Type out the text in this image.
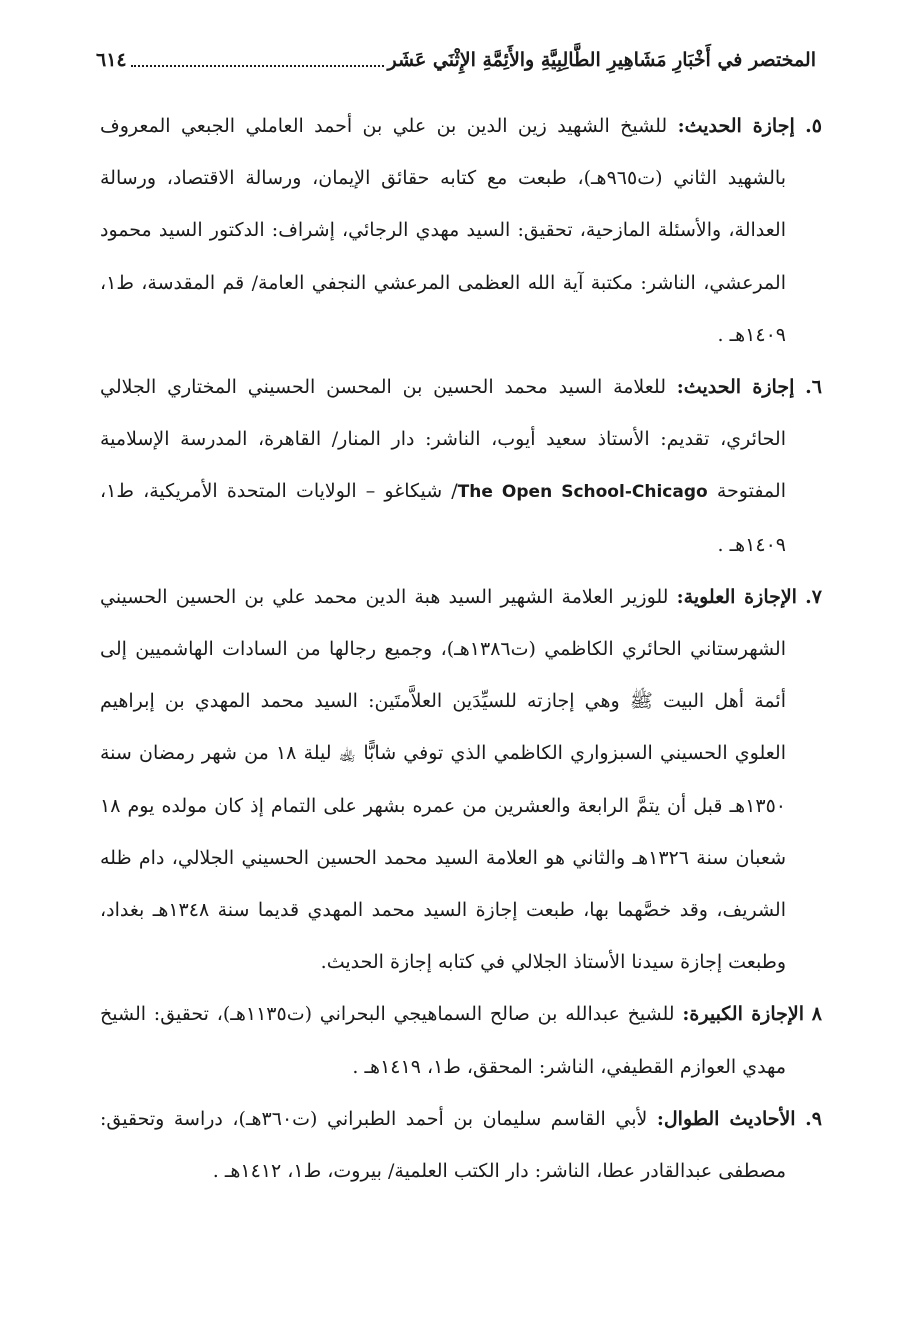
المختصر في أَخْبَارِ مَشَاهِيرِ الطَّالِبِيَّةِ والأَئِمَّةِ الإِثْنَي عَشَر
٦١٤

٥. إجازة الحديث: للشيخ الشهيد زين الدين بن علي بن أحمد العاملي الجبعي المعروف بالشهيد الثاني (ت٩٦٥هـ)، طبعت مع كتابه حقائق الإيمان، ورسالة الاقتصاد، ورسالة العدالة، والأسئلة المازحية، تحقيق: السيد مهدي الرجائي، إشراف: الدكتور السيد محمود المرعشي، الناشر: مكتبة آية الله العظمى المرعشي النجفي العامة/ قم المقدسة، ط١، ١٤٠٩هـ .

٦. إجازة الحديث: للعلامة السيد محمد الحسين بن المحسن الحسيني المختاري الجلالي الحائري، تقديم: الأستاذ سعيد أيوب، الناشر: دار المنار/ القاهرة، المدرسة الإسلامية المفتوحة The Open School-Chicago/ شيكاغو – الولايات المتحدة الأمريكية، ط١، ١٤٠٩هـ .

٧. الإجازة العلوية: للوزير العلامة الشهير السيد هبة الدين محمد علي بن الحسين الحسيني الشهرستاني الحائري الكاظمي (ت١٣٨٦هـ)، وجميع رجالها من السادات الهاشميين إلى أئمة أهل البيت ﷺ وهي إجازته للسيِّدَين العلاَّمتَين: السيد محمد المهدي بن إبراهيم العلوي الحسيني السبزواري الكاظمي الذي توفي شابًّا ﵀ ليلة ١٨ من شهر رمضان سنة ١٣٥٠هـ قبل أن يتمَّ الرابعة والعشرين من عمره بشهر على التمام إذ كان مولده يوم ١٨ شعبان سنة ١٣٢٦هـ والثاني هو العلامة السيد محمد الحسين الحسيني الجلالي، دام ظله الشريف، وقد خصَّهما بها، طبعت إجازة السيد محمد المهدي قديما سنة ١٣٤٨هـ بغداد، وطبعت إجازة سيدنا الأستاذ الجلالي في كتابه إجازة الحديث.

٨ الإجازة الكبيرة: للشيخ عبدالله بن صالح السماهيجي البحراني (ت١١٣٥هـ)، تحقيق: الشيخ مهدي العوازم القطيفي، الناشر: المحقق، ط١، ١٤١٩هـ .

٩. الأحاديث الطوال: لأبي القاسم سليمان بن أحمد الطبراني (ت٣٦٠هـ)، دراسة وتحقيق: مصطفى عبدالقادر عطا، الناشر: دار الكتب العلمية/ بيروت، ط١، ١٤١٢هـ .
